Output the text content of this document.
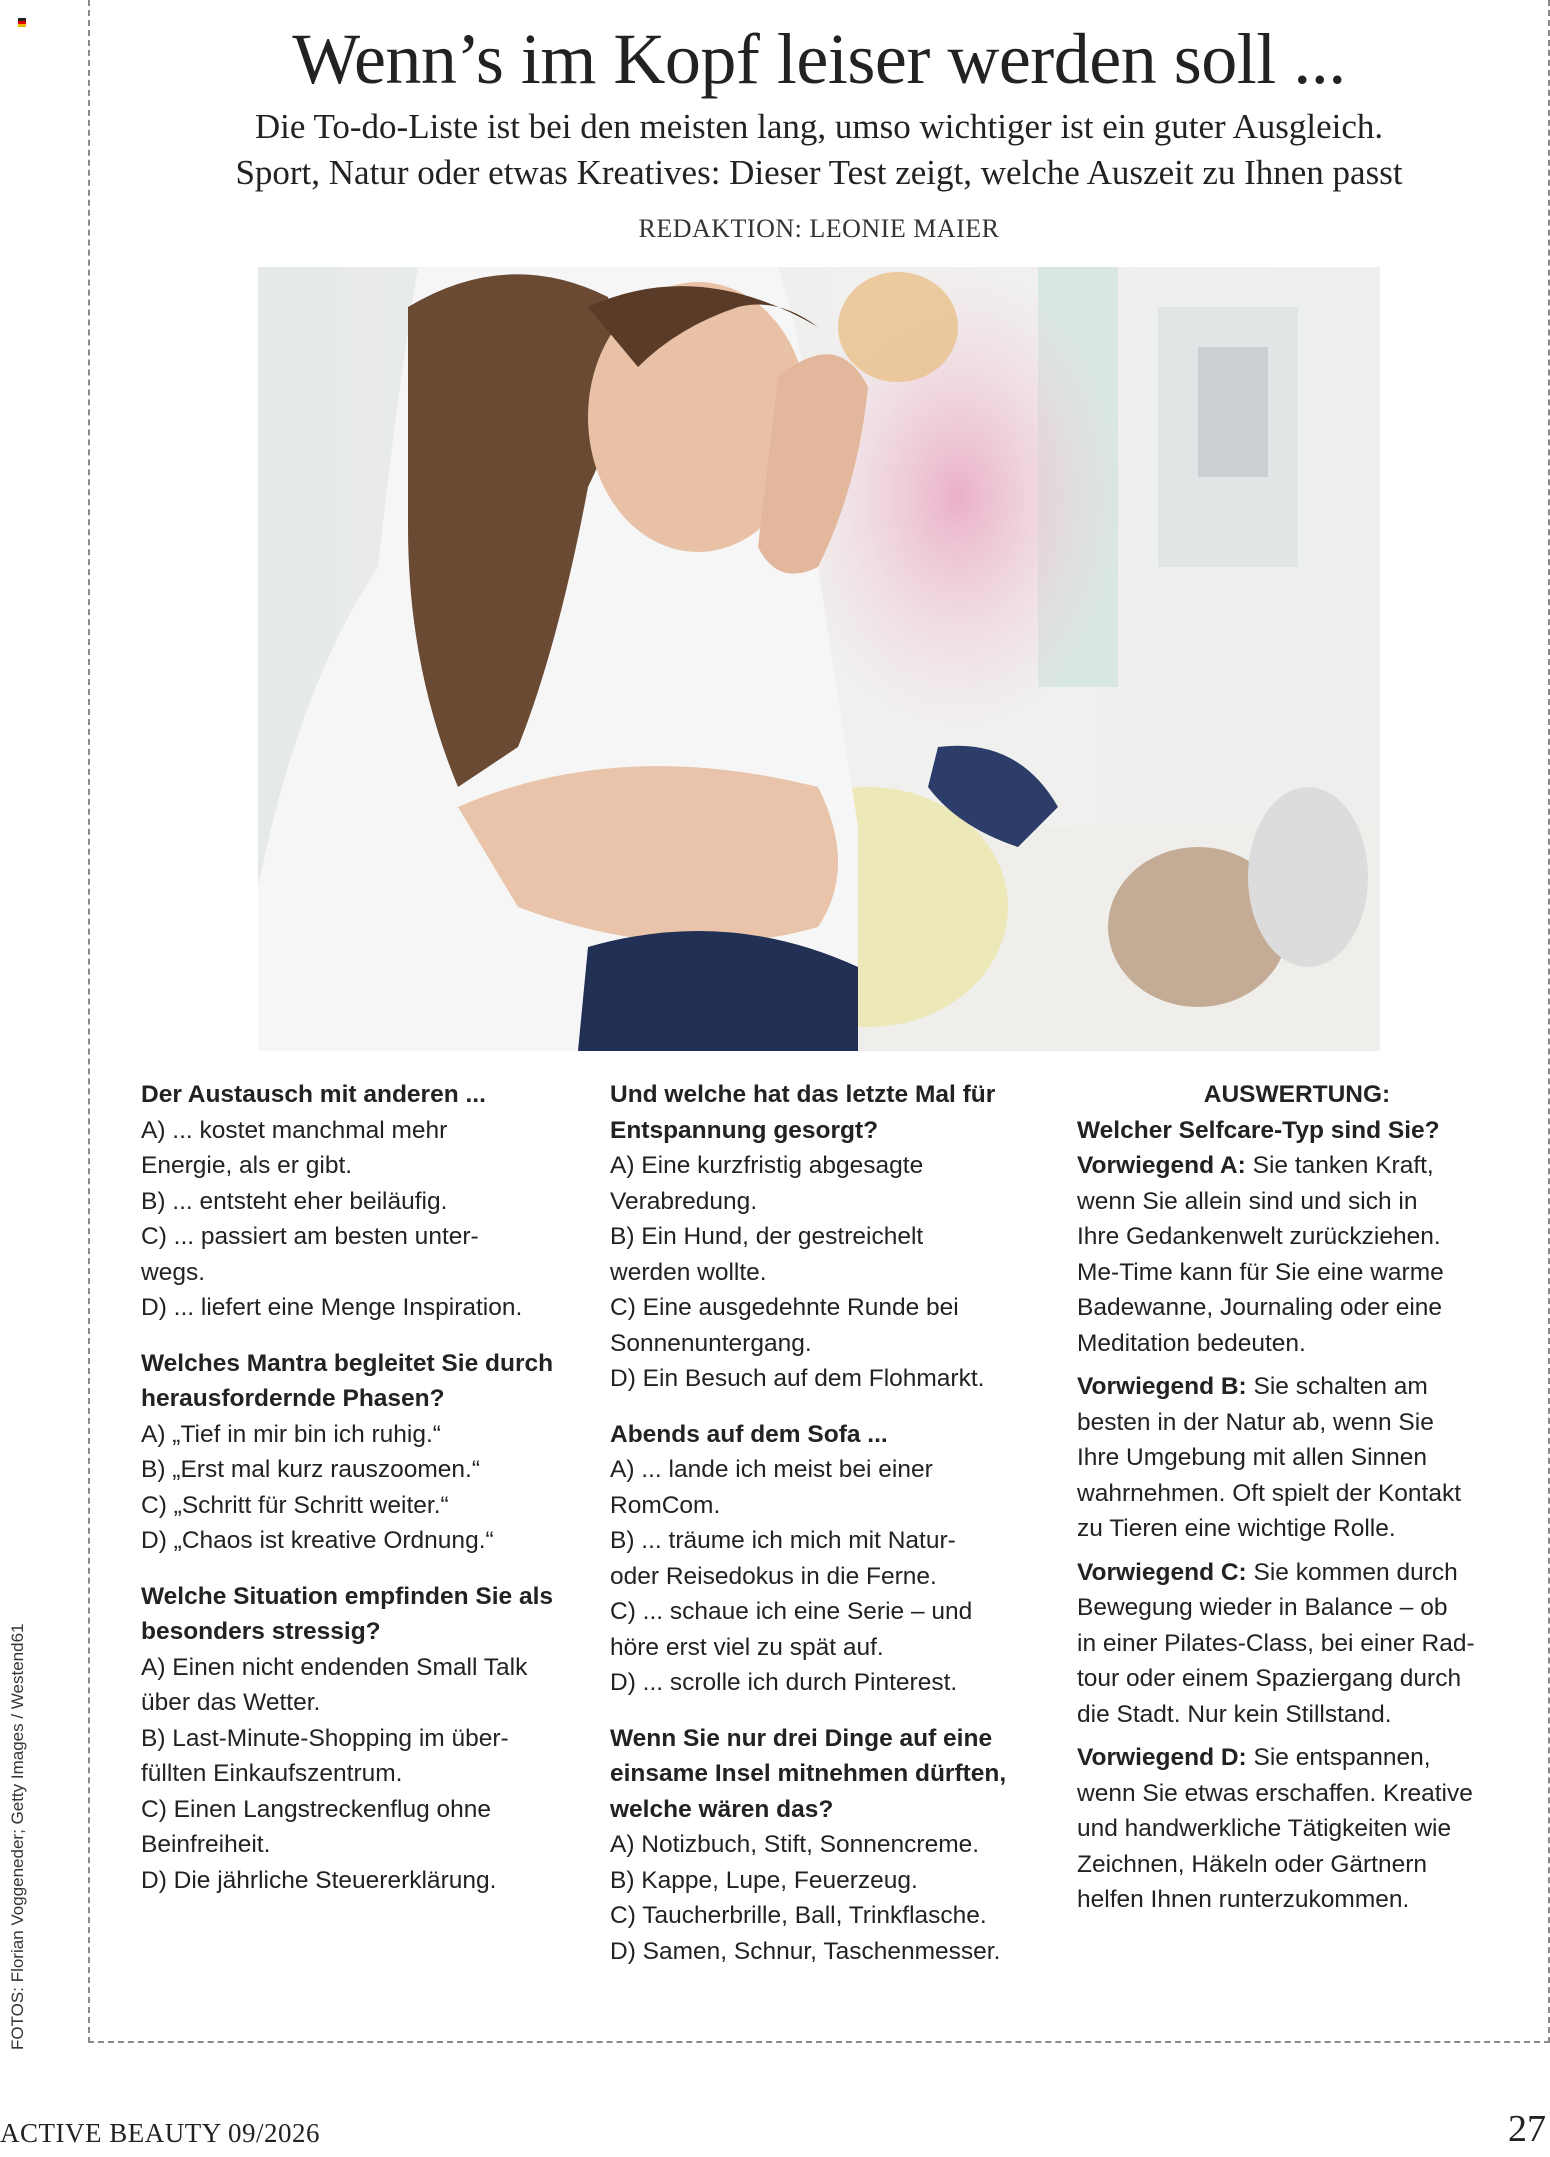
FOTOS: Florian Voggeneder; Getty Images / Westend61
Wenn’s im Kopf leiser werden soll ...
Die To-do-Liste ist bei den meisten lang, umso wichtiger ist ein guter Ausgleich.
Sport, Natur oder etwas Kreatives: Dieser Test zeigt, welche Auszeit zu Ihnen passt
REDAKTION: LEONIE MAIER
Der Austausch mit anderen ...
A) ... kostet manchmal mehr
Energie, als er gibt.
B) ... entsteht eher beiläufig.
C) ... passiert am besten unter-
wegs.
D) ... liefert eine Menge Inspiration.
Welches Mantra begleitet Sie durch
herausfordernde Phasen?
A) „Tief in mir bin ich ruhig.“
B) „Erst mal kurz rauszoomen.“
C) „Schritt für Schritt weiter.“
D) „Chaos ist kreative Ordnung.“
Welche Situation empfinden Sie als
besonders stressig?
A) Einen nicht endenden Small Talk
über das Wetter.
B) Last-Minute-Shopping im über-
füllten Einkaufszentrum.
C) Einen Langstreckenflug ohne
Beinfreiheit.
D) Die jährliche Steuererklärung.
Und welche hat das letzte Mal für
Entspannung gesorgt?
A) Eine kurzfristig abgesagte
Verabredung.
B) Ein Hund, der gestreichelt
werden wollte.
C) Eine ausgedehnte Runde bei
Sonnenuntergang.
D) Ein Besuch auf dem Flohmarkt.
Abends auf dem Sofa ...
A) ... lande ich meist bei einer
RomCom.
B) ... träume ich mich mit Natur-
oder Reisedokus in die Ferne.
C) ... schaue ich eine Serie – und
höre erst viel zu spät auf.
D) ... scrolle ich durch Pinterest.
Wenn Sie nur drei Dinge auf eine
einsame Insel mitnehmen dürften,
welche wären das?
A) Notizbuch, Stift, Sonnencreme.
B) Kappe, Lupe, Feuerzeug.
C) Taucherbrille, Ball, Trinkflasche.
D) Samen, Schnur, Taschenmesser.
AUSWERTUNG:
Welcher Selfcare-Typ sind Sie?
Vorwiegend A: Sie tanken Kraft,
wenn Sie allein sind und sich in
Ihre Gedankenwelt zurückziehen.
Me-Time kann für Sie eine warme
Badewanne, Journaling oder eine
Meditation bedeuten.
Vorwiegend B: Sie schalten am
besten in der Natur ab, wenn Sie
Ihre Umgebung mit allen Sinnen
wahrnehmen. Oft spielt der Kontakt
zu Tieren eine wichtige Rolle.
Vorwiegend C: Sie kommen durch
Bewegung wieder in Balance – ob
in einer Pilates-Class, bei einer Rad-
tour oder einem Spaziergang durch
die Stadt. Nur kein Stillstand.
Vorwiegend D: Sie entspannen,
wenn Sie etwas erschaffen. Kreative
und handwerkliche Tätigkeiten wie
Zeichnen, Häkeln oder Gärtnern
helfen Ihnen runterzukommen.
ACTIVE BEAUTY 09/2026	27
